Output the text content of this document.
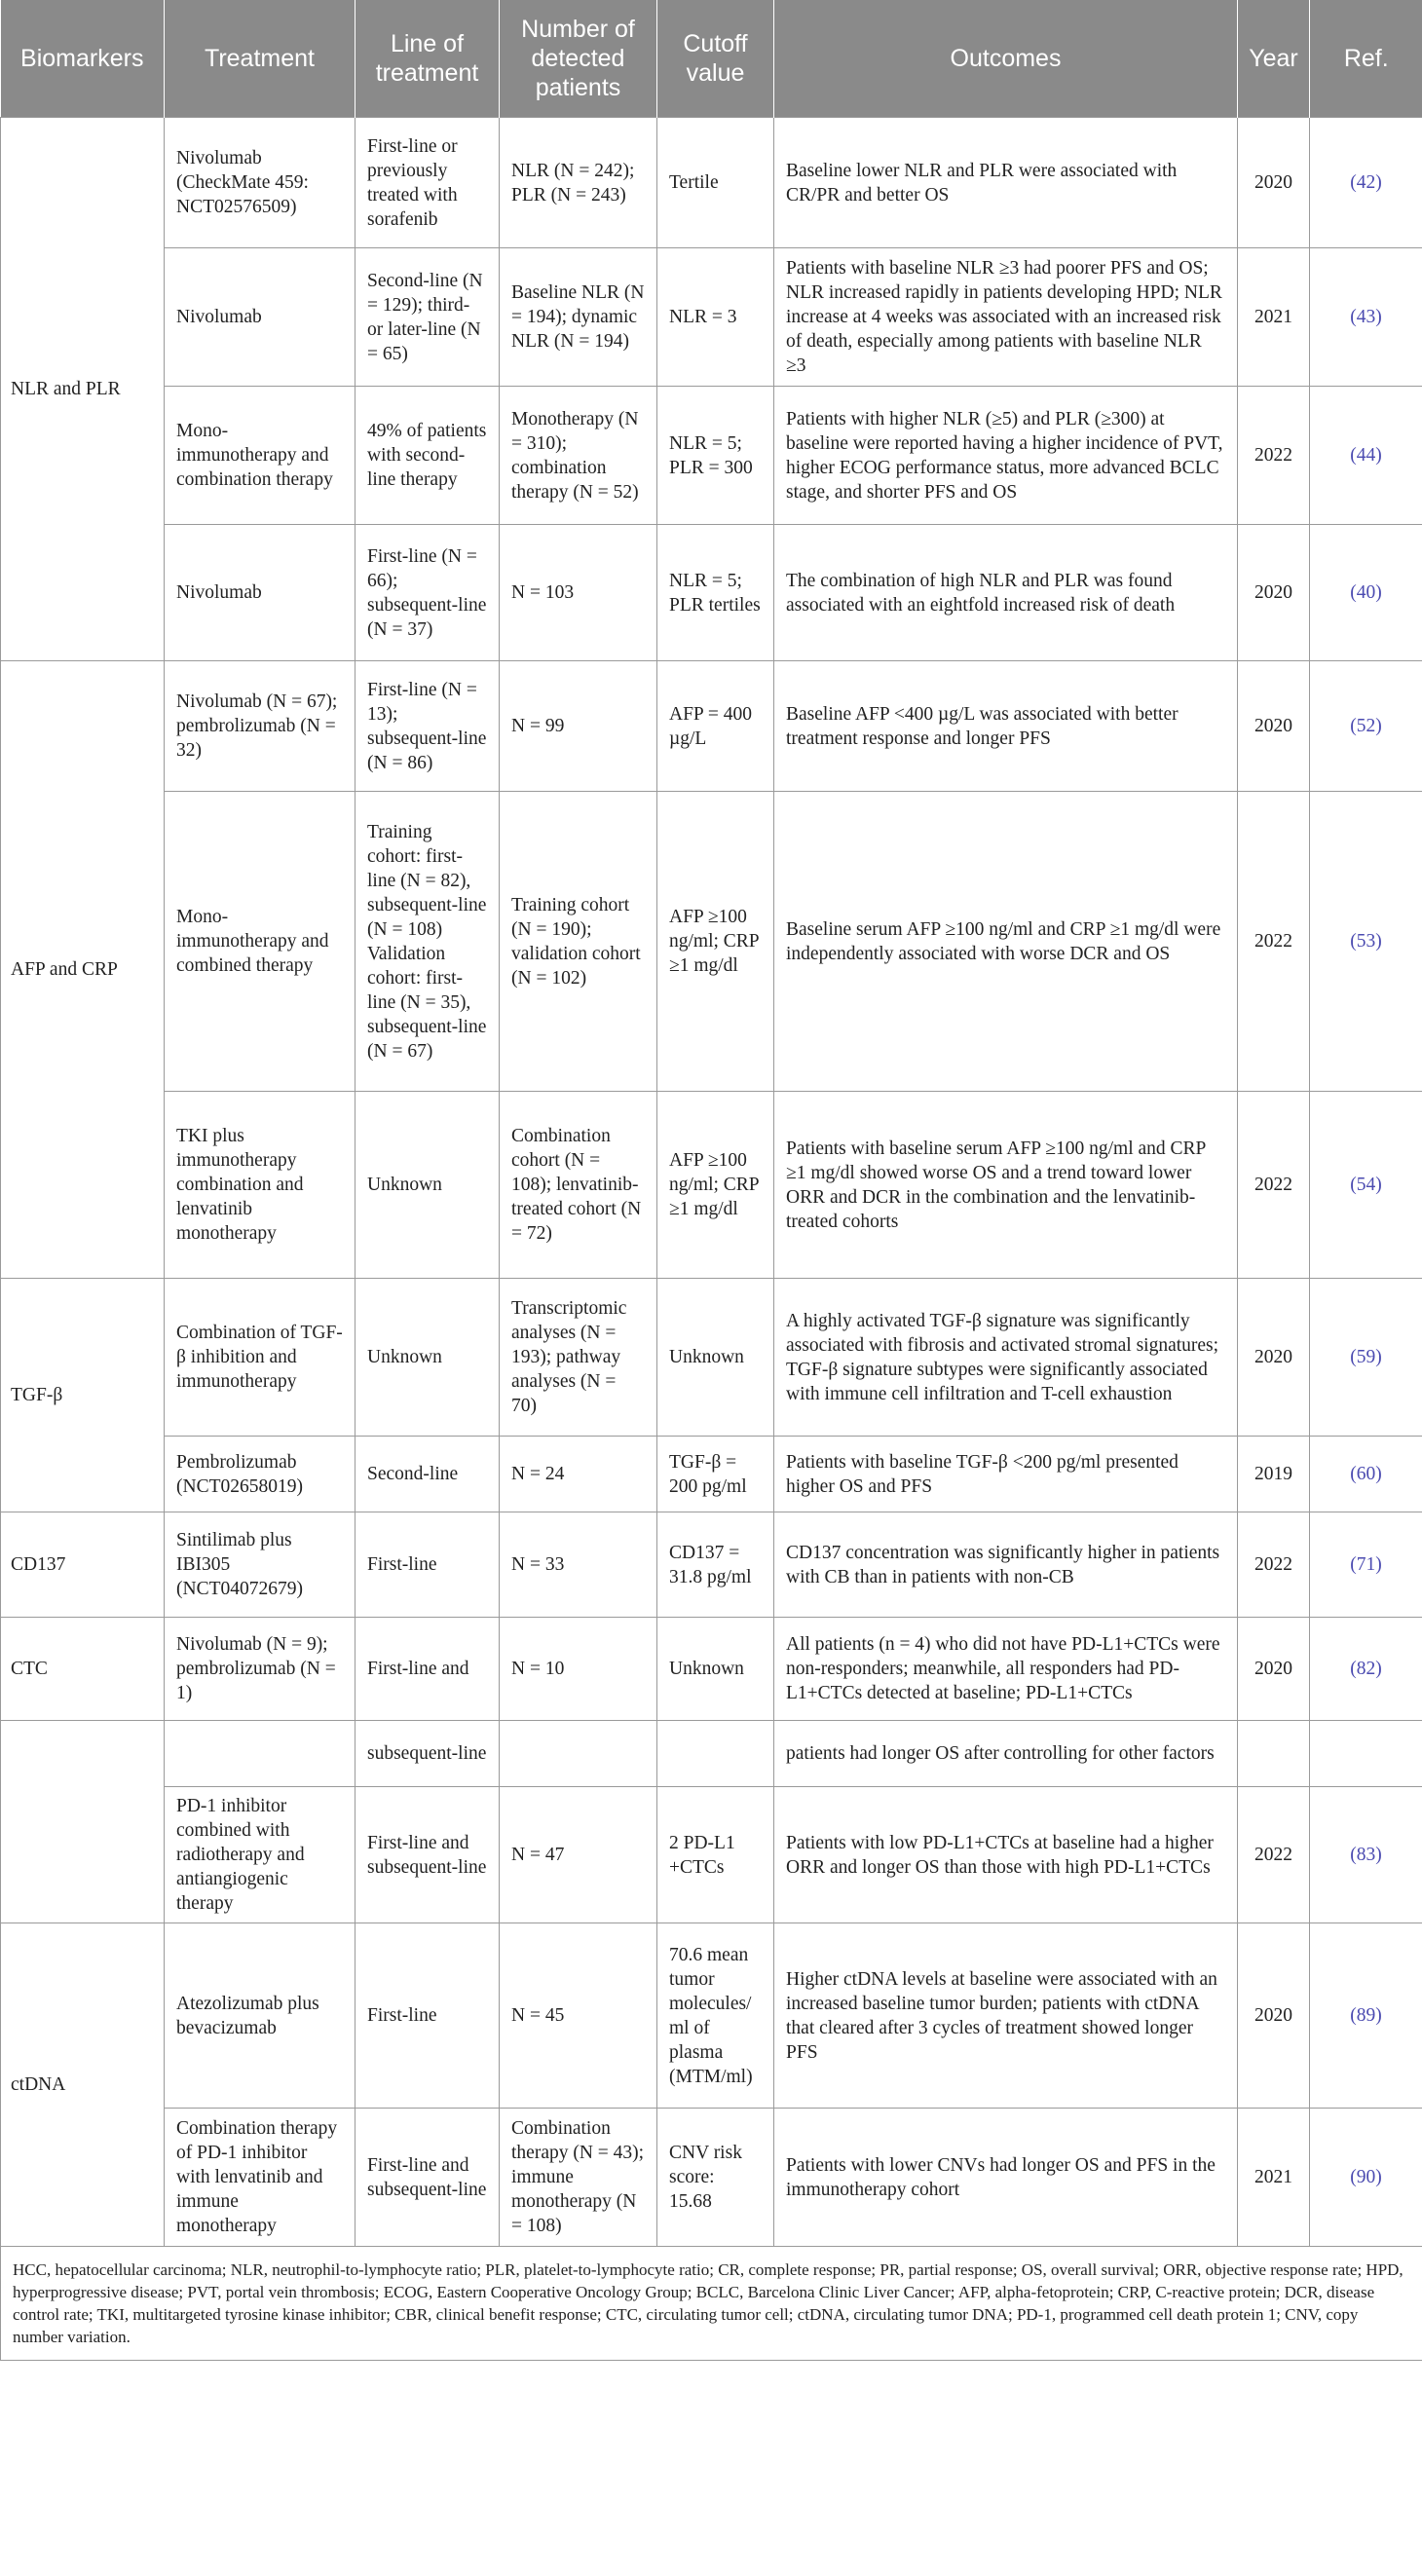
Biomarkers	Treatment	Line of treatment	Number of detected patients	Cutoff value	Outcomes	Year	Ref.
NLR and PLR	Nivolumab (CheckMate 459: NCT02576509)	First-line or previously treated with sorafenib	NLR (N = 242); PLR (N = 243)	Tertile	Baseline lower NLR and PLR were associated with CR/PR and better OS	2020	(42)
	Nivolumab	Second-line (N = 129); third- or later-line (N = 65)	Baseline NLR (N = 194); dynamic NLR (N = 194)	NLR = 3	Patients with baseline NLR ≥3 had poorer PFS and OS; NLR increased rapidly in patients developing HPD; NLR increase at 4 weeks was associated with an increased risk of death, especially among patients with baseline NLR ≥3	2021	(43)
	Mono-immunotherapy and combination therapy	49% of patients with second-line therapy	Monotherapy (N = 310); combination therapy (N = 52)	NLR = 5; PLR = 300	Patients with higher NLR (≥5) and PLR (≥300) at baseline were reported having a higher incidence of PVT, higher ECOG performance status, more advanced BCLC stage, and shorter PFS and OS	2022	(44)
	Nivolumab	First-line (N = 66); subsequent-line (N = 37)	N = 103	NLR = 5; PLR tertiles	The combination of high NLR and PLR was found associated with an eightfold increased risk of death	2020	(40)
AFP and CRP	Nivolumab (N = 67); pembrolizumab (N = 32)	First-line (N = 13); subsequent-line (N = 86)	N = 99	AFP = 400 µg/L	Baseline AFP <400 µg/L was associated with better treatment response and longer PFS	2020	(52)
	Mono-immunotherapy and combined therapy	Training cohort: first-line (N = 82), subsequent-line (N = 108) Validation cohort: first-line (N = 35), subsequent-line (N = 67)	Training cohort (N = 190); validation cohort (N = 102)	AFP ≥100 ng/ml; CRP ≥1 mg/dl	Baseline serum AFP ≥100 ng/ml and CRP ≥1 mg/dl were independently associated with worse DCR and OS	2022	(53)
	TKI plus immunotherapy combination and lenvatinib monotherapy	Unknown	Combination cohort (N = 108); lenvatinib-treated cohort (N = 72)	AFP ≥100 ng/ml; CRP ≥1 mg/dl	Patients with baseline serum AFP ≥100 ng/ml and CRP ≥1 mg/dl showed worse OS and a trend toward lower ORR and DCR in the combination and the lenvatinib-treated cohorts	2022	(54)
TGF-β	Combination of TGF-β inhibition and immunotherapy	Unknown	Transcriptomic analyses (N = 193); pathway analyses (N = 70)	Unknown	A highly activated TGF-β signature was significantly associated with fibrosis and activated stromal signatures; TGF-β signature subtypes were significantly associated with immune cell infiltration and T-cell exhaustion	2020	(59)
	Pembrolizumab (NCT02658019)	Second-line	N = 24	TGF-β = 200 pg/ml	Patients with baseline TGF-β <200 pg/ml presented higher OS and PFS	2019	(60)
CD137	Sintilimab plus IBI305 (NCT04072679)	First-line	N = 33	CD137 = 31.8 pg/ml	CD137 concentration was significantly higher in patients with CB than in patients with non-CB	2022	(71)
CTC	Nivolumab (N = 9); pembrolizumab (N = 1)	First-line and	N = 10	Unknown	All patients (n = 4) who did not have PD-L1+CTCs were non-responders; meanwhile, all responders had PD-L1+CTCs detected at baseline; PD-L1+CTCs	2020	(82)
		subsequent-line			patients had longer OS after controlling for other factors		
	PD-1 inhibitor combined with radiotherapy and antiangiogenic therapy	First-line and subsequent-line	N = 47	2 PD-L1 +CTCs	Patients with low PD-L1+CTCs at baseline had a higher ORR and longer OS than those with high PD-L1+CTCs	2022	(83)
ctDNA	Atezolizumab plus bevacizumab	First-line	N = 45	70.6 mean tumor molecules/ ml of plasma (MTM/ml)	Higher ctDNA levels at baseline were associated with an increased baseline tumor burden; patients with ctDNA that cleared after 3 cycles of treatment showed longer PFS	2020	(89)
	Combination therapy of PD-1 inhibitor with lenvatinib and immune monotherapy	First-line and subsequent-line	Combination therapy (N = 43); immune monotherapy (N = 108)	CNV risk score: 15.68	Patients with lower CNVs had longer OS and PFS in the immunotherapy cohort	2021	(90)
HCC, hepatocellular carcinoma; NLR, neutrophil-to-lymphocyte ratio; PLR, platelet-to-lymphocyte ratio; CR, complete response; PR, partial response; OS, overall survival; ORR, objective response rate; HPD, hyperprogressive disease; PVT, portal vein thrombosis; ECOG, Eastern Cooperative Oncology Group; BCLC, Barcelona Clinic Liver Cancer; AFP, alpha-fetoprotein; CRP, C-reactive protein; DCR, disease control rate; TKI, multitargeted tyrosine kinase inhibitor; CBR, clinical benefit response; CTC, circulating tumor cell; ctDNA, circulating tumor DNA; PD-1, programmed cell death protein 1; CNV, copy number variation.							
